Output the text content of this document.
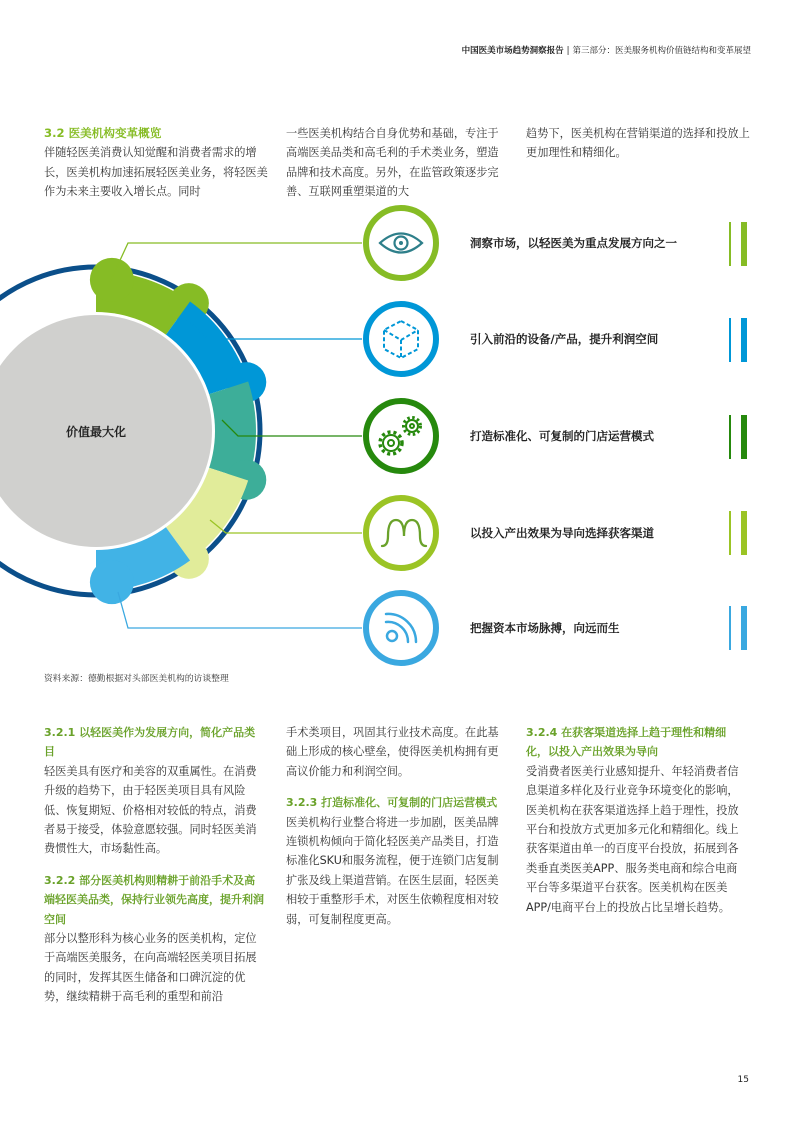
中国医美市场趋势洞察报告 | 第三部分：医美服务机构价值链结构和变革展望
3.2 医美机构变革概览
伴随轻医美消费认知觉醒和消费者需求的增长，医美机构加速拓展轻医美业务，将轻医美作为未来主要收入增长点。同时
一些医美机构结合自身优势和基础，专注于高端医美品类和高毛利的手术类业务，塑造品牌和技术高度。另外，在监管政策逐步完善、互联网重塑渠道的大
趋势下，医美机构在营销渠道的选择和投放上更加理性和精细化。
价值最大化
洞察市场，以轻医美为重点发展方向之一
引入前沿的设备/产品，提升利润空间
打造标准化、可复制的门店运营模式
以投入产出效果为导向选择获客渠道
把握资本市场脉搏，向远而生
资料来源：德勤根据对头部医美机构的访谈整理
3.2.1 以轻医美作为发展方向，简化产品类目
轻医美具有医疗和美容的双重属性。在消费升级的趋势下，由于轻医美项目具有风险低、恢复期短、价格相对较低的特点，消费者易于接受，体验意愿较强。同时轻医美消费惯性大，市场黏性高。
3.2.2 部分医美机构则精耕于前沿手术及高端轻医美品类，保持行业领先高度，提升利润空间
部分以整形科为核心业务的医美机构，定位于高端医美服务，在向高端轻医美项目拓展的同时，发挥其医生储备和口碑沉淀的优势，继续精耕于高毛利的重型和前沿
手术类项目，巩固其行业技术高度。在此基础上形成的核心壁垒，使得医美机构拥有更高议价能力和利润空间。
3.2.3 打造标准化、可复制的门店运营模式
医美机构行业整合将进一步加剧，医美品牌连锁机构倾向于简化轻医美产品类目，打造标准化SKU和服务流程，便于连锁门店复制扩张及线上渠道营销。在医生层面，轻医美相较于重整形手术，对医生依赖程度相对较弱，可复制程度更高。
3.2.4 在获客渠道选择上趋于理性和精细化，以投入产出效果为导向
受消费者医美行业感知提升、年轻消费者信息渠道多样化及行业竞争环境变化的影响，医美机构在获客渠道选择上趋于理性，投放平台和投放方式更加多元化和精细化。线上获客渠道由单一的百度平台投放，拓展到各类垂直类医美APP、服务类电商和综合电商平台等多渠道平台获客。医美机构在医美APP/电商平台上的投放占比呈增长趋势。
15
